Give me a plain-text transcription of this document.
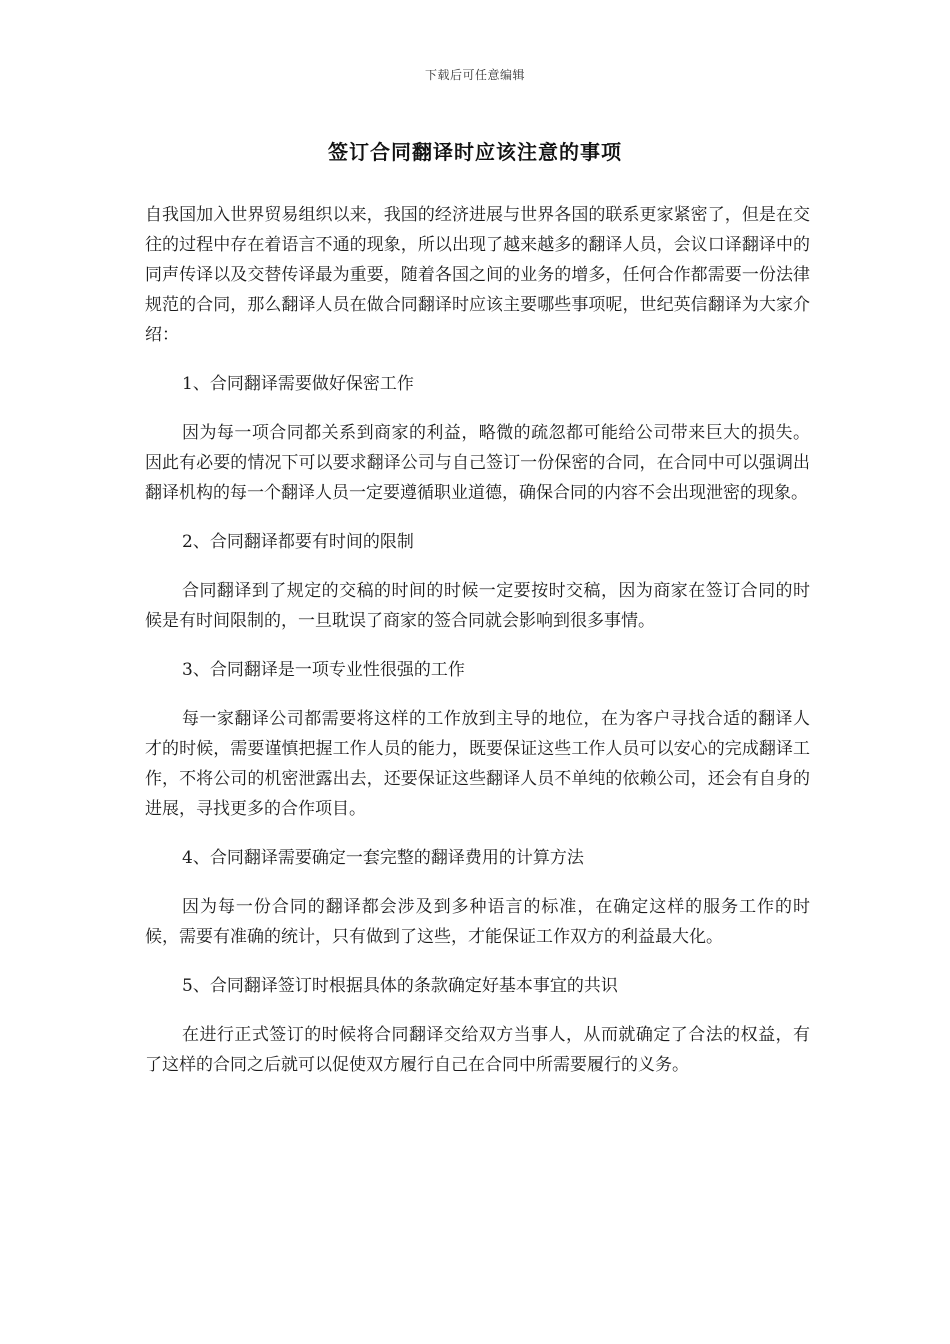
下载后可任意编辑
签订合同翻译时应该注意的事项

自我国加入世界贸易组织以来，我国的经济进展与世界各国的联系更家紧密了，但是在交往的过程中存在着语言不通的现象，所以出现了越来越多的翻译人员，会议口译翻译中的同声传译以及交替传译最为重要，随着各国之间的业务的增多，任何合作都需要一份法律规范的合同，那么翻译人员在做合同翻译时应该主要哪些事项呢，世纪英信翻译为大家介绍：

1、合同翻译需要做好保密工作

因为每一项合同都关系到商家的利益，略微的疏忽都可能给公司带来巨大的损失。因此有必要的情况下可以要求翻译公司与自己签订一份保密的合同，在合同中可以强调出翻译机构的每一个翻译人员一定要遵循职业道德，确保合同的内容不会出现泄密的现象。

2、合同翻译都要有时间的限制

合同翻译到了规定的交稿的时间的时候一定要按时交稿，因为商家在签订合同的时候是有时间限制的，一旦耽误了商家的签合同就会影响到很多事情。

3、合同翻译是一项专业性很强的工作

每一家翻译公司都需要将这样的工作放到主导的地位，在为客户寻找合适的翻译人才的时候，需要谨慎把握工作人员的能力，既要保证这些工作人员可以安心的完成翻译工作，不将公司的机密泄露出去，还要保证这些翻译人员不单纯的依赖公司，还会有自身的进展，寻找更多的合作项目。

4、合同翻译需要确定一套完整的翻译费用的计算方法

因为每一份合同的翻译都会涉及到多种语言的标准，在确定这样的服务工作的时候，需要有准确的统计，只有做到了这些，才能保证工作双方的利益最大化。

5、合同翻译签订时根据具体的条款确定好基本事宜的共识

在进行正式签订的时候将合同翻译交给双方当事人，从而就确定了合法的权益，有了这样的合同之后就可以促使双方履行自己在合同中所需要履行的义务。
